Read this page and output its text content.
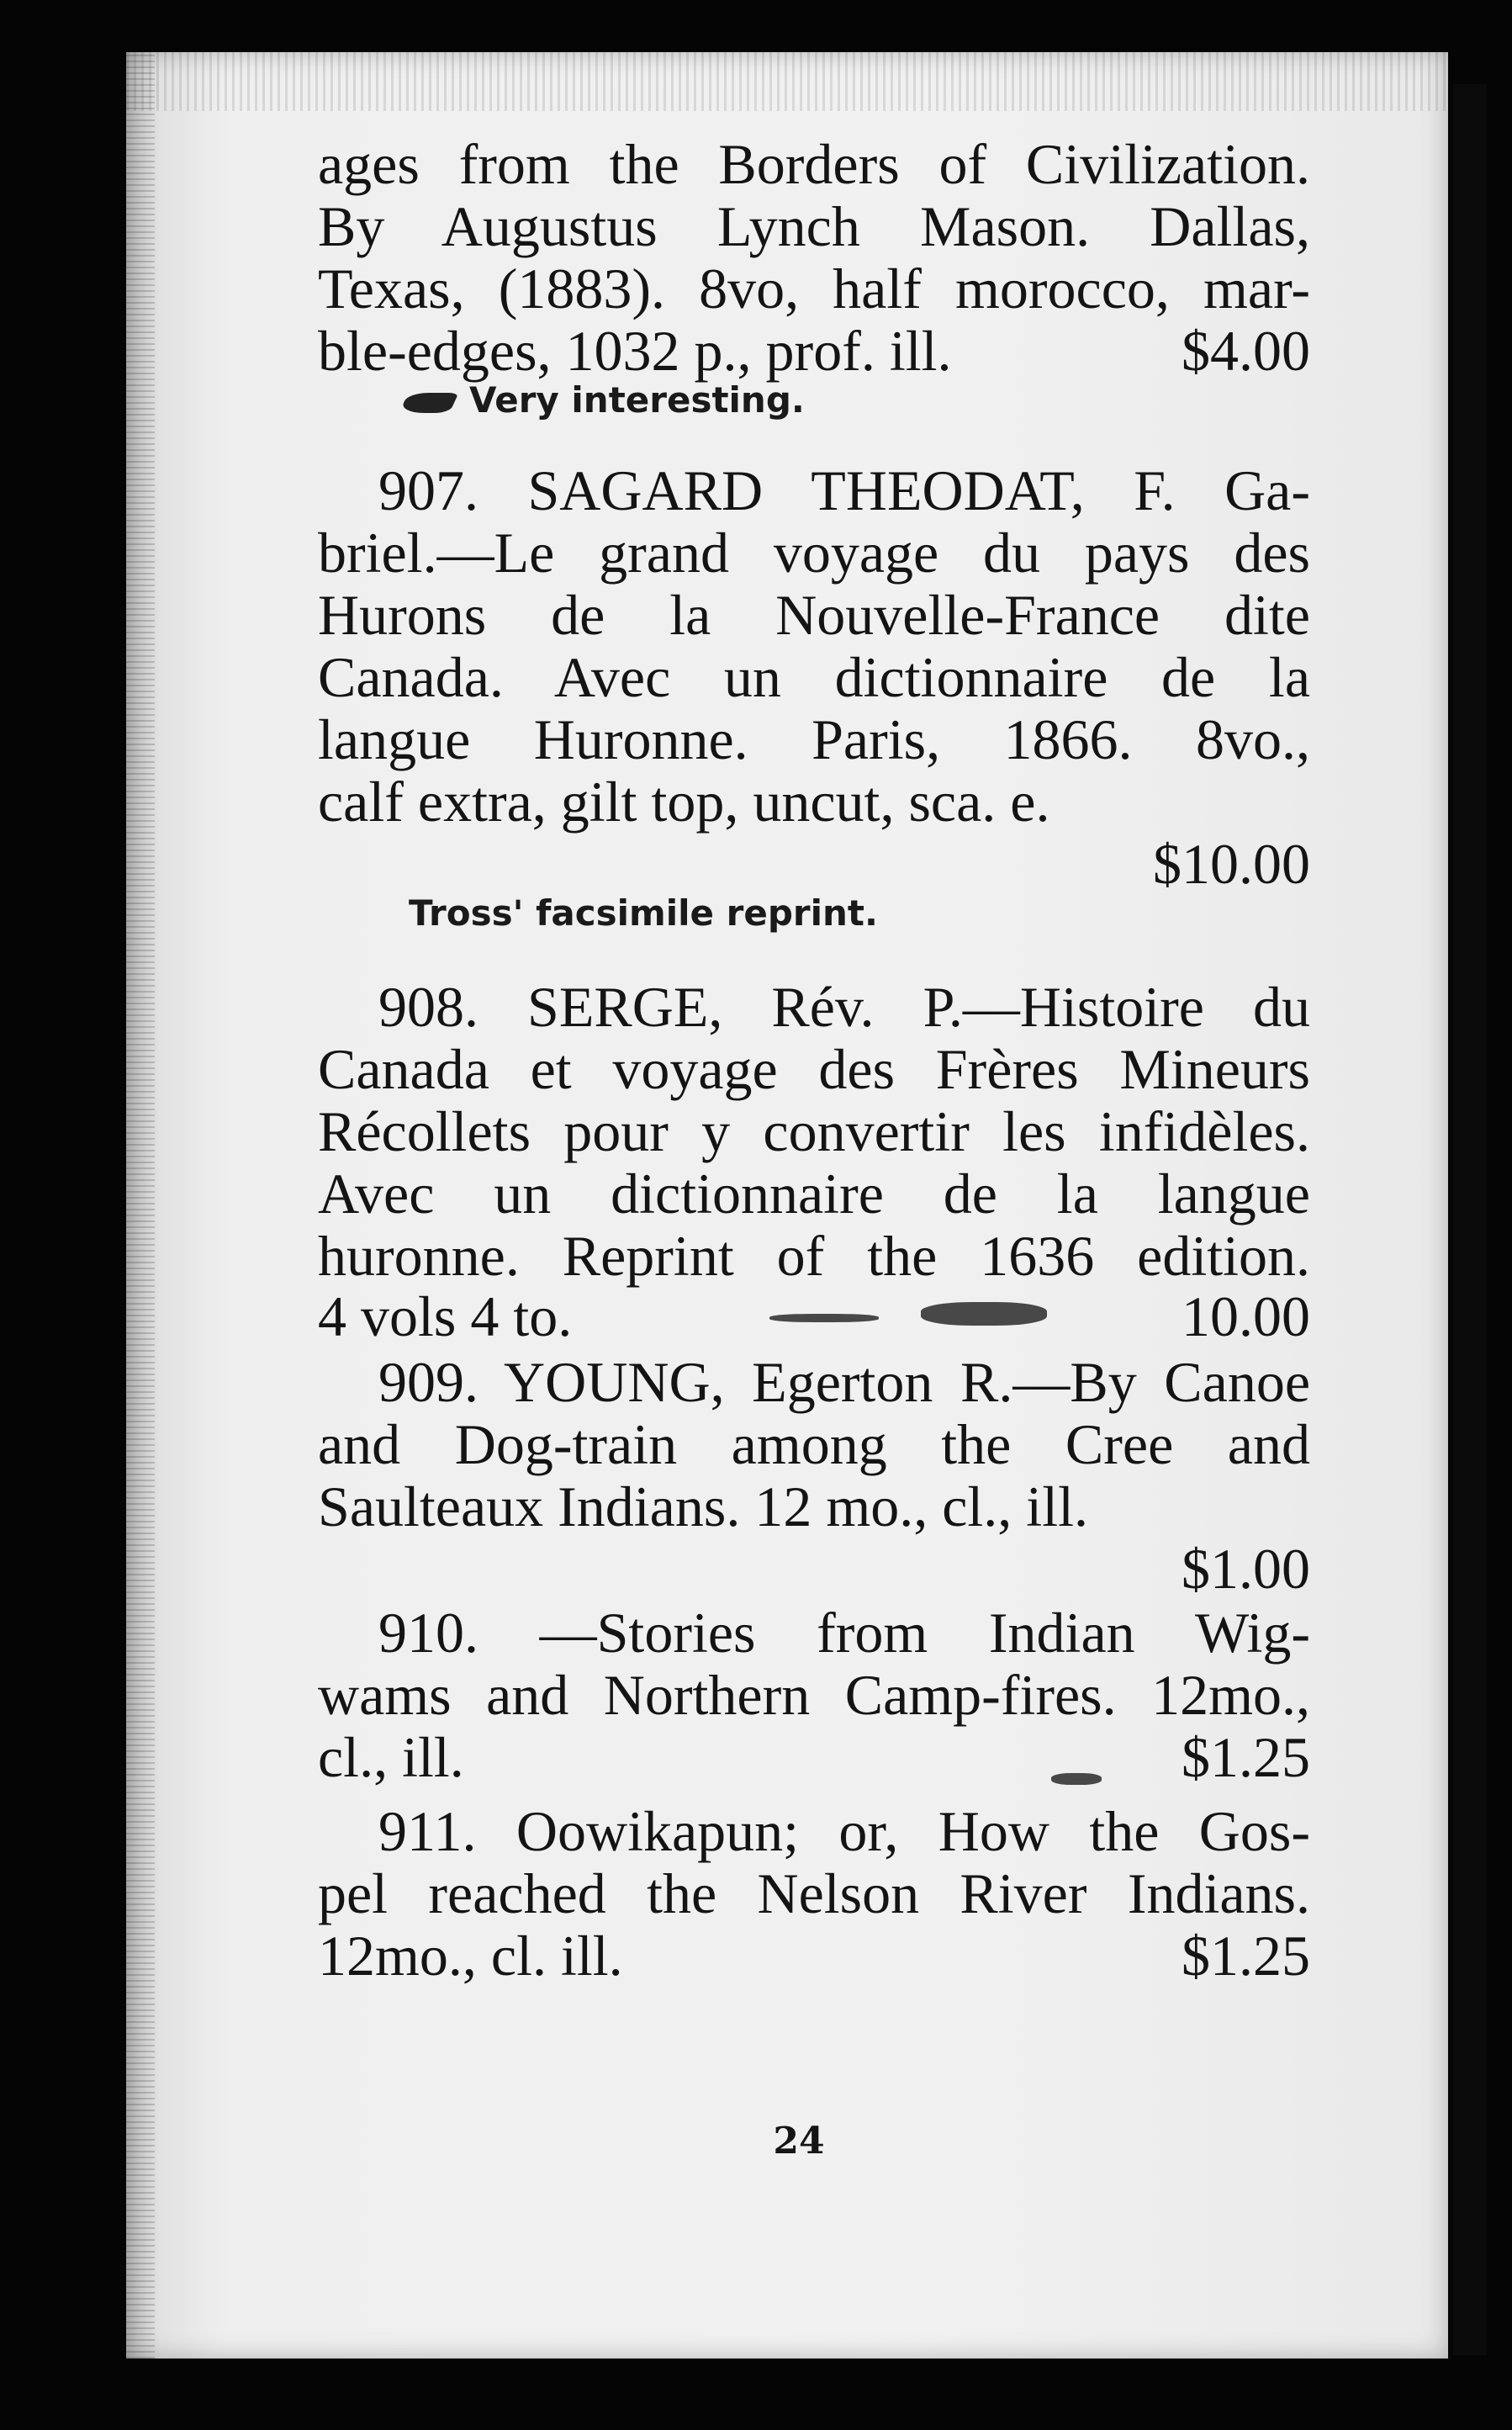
ages from the Borders of Civilization.
By Augustus Lynch Mason. Dallas,
Texas, (1883). 8vo, half morocco, mar-
ble-edges, 1032 p., prof. ill.	$4.00
Very interesting.
907. SAGARD THEODAT, F. Ga-
briel.—Le grand voyage du pays des
Hurons de la Nouvelle-France dite
Canada. Avec un dictionnaire de la
langue Huronne. Paris, 1866. 8vo.,
calf extra, gilt top, uncut, sca. e.
$10.00
Tross' facsimile reprint.
908. SERGE, Rév. P.—Histoire du
Canada et voyage des Frères Mineurs
Récollets pour y convertir les infidèles.
Avec un dictionnaire de la langue
huronne. Reprint of the 1636 edition.
4 vols 4 to.	10.00
909. YOUNG, Egerton R.—By Canoe
and Dog-train among the Cree and
Saulteaux Indians. 12 mo., cl., ill.
$1.00
910. —Stories from Indian Wig-
wams and Northern Camp-fires. 12mo.,
cl., ill.	$1.25
911. Oowikapun; or, How the Gos-
pel reached the Nelson River Indians.
12mo., cl. ill.	$1.25
24
